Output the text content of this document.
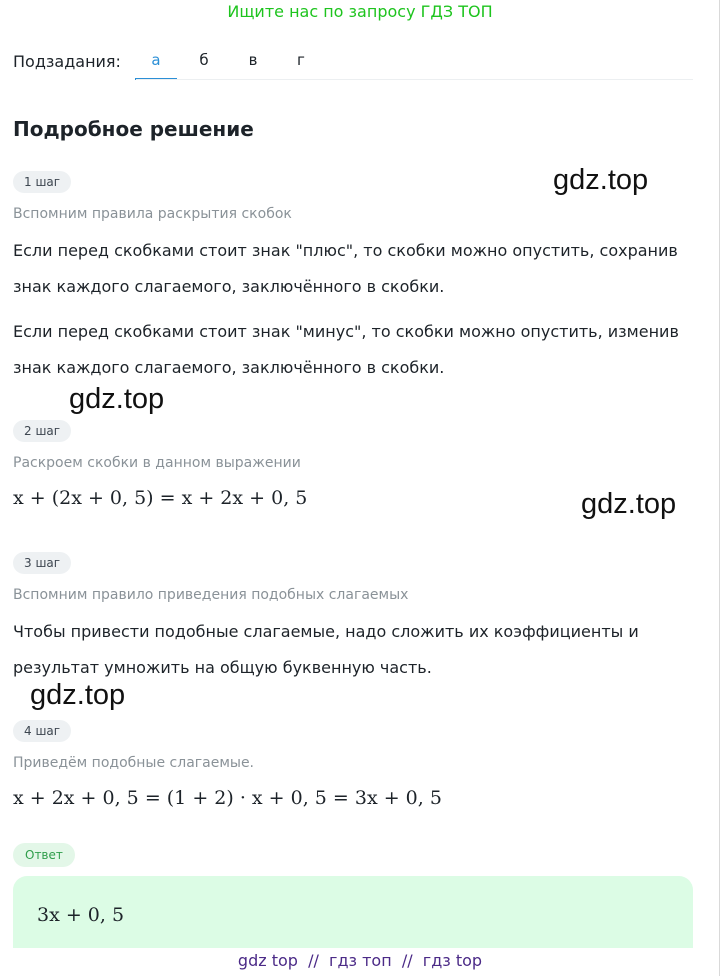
Ищите нас по запросу ГДЗ ТОП
Подзадания:	а	б	в	г
Подробное решение
1 шаг
Вспомним правила раскрытия скобок
Если перед скобками стоит знак "плюс", то скобки можно опустить, сохранив знак каждого слагаемого, заключённого в скобки.
Если перед скобками стоит знак "минус", то скобки можно опустить, изменив знак каждого слагаемого, заключённого в скобки.
2 шаг
Раскроем скобки в данном выражении
x + (2x + 0, 5) = x + 2x + 0, 5
3 шаг
Вспомним правило приведения подобных слагаемых
Чтобы привести подобные слагаемые, надо сложить их коэффициенты и результат умножить на общую буквенную часть.
4 шаг
Приведём подобные слагаемые.
x + 2x + 0, 5 = (1 + 2) · x + 0, 5 = 3x + 0, 5
Ответ
3x + 0, 5
gdz.top
gdz.top
gdz.top
gdz.top
gdz top  //  гдз топ  //  гдз top
